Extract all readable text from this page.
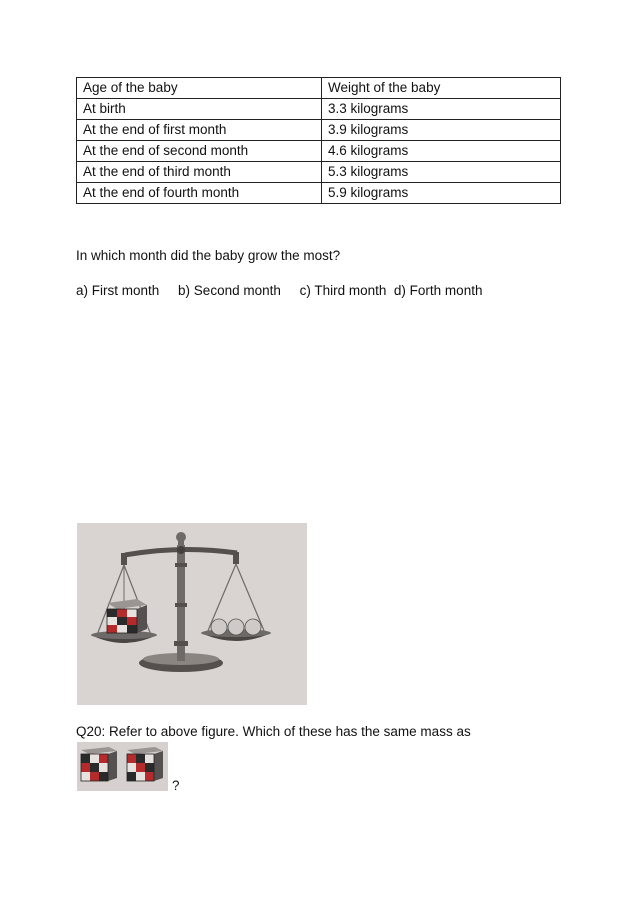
Age of the baby	Weight of the baby
At birth	3.3 kilograms
At the end of first month	3.9 kilograms
At the end of second month	4.6 kilograms
At the end of third month	5.3 kilograms
At the end of fourth month	5.9 kilograms
In which month did the baby grow the most?
a) First month b) Second month c) Third month d) Forth month
Q20: Refer to above figure. Which of these has the same mass as
?
